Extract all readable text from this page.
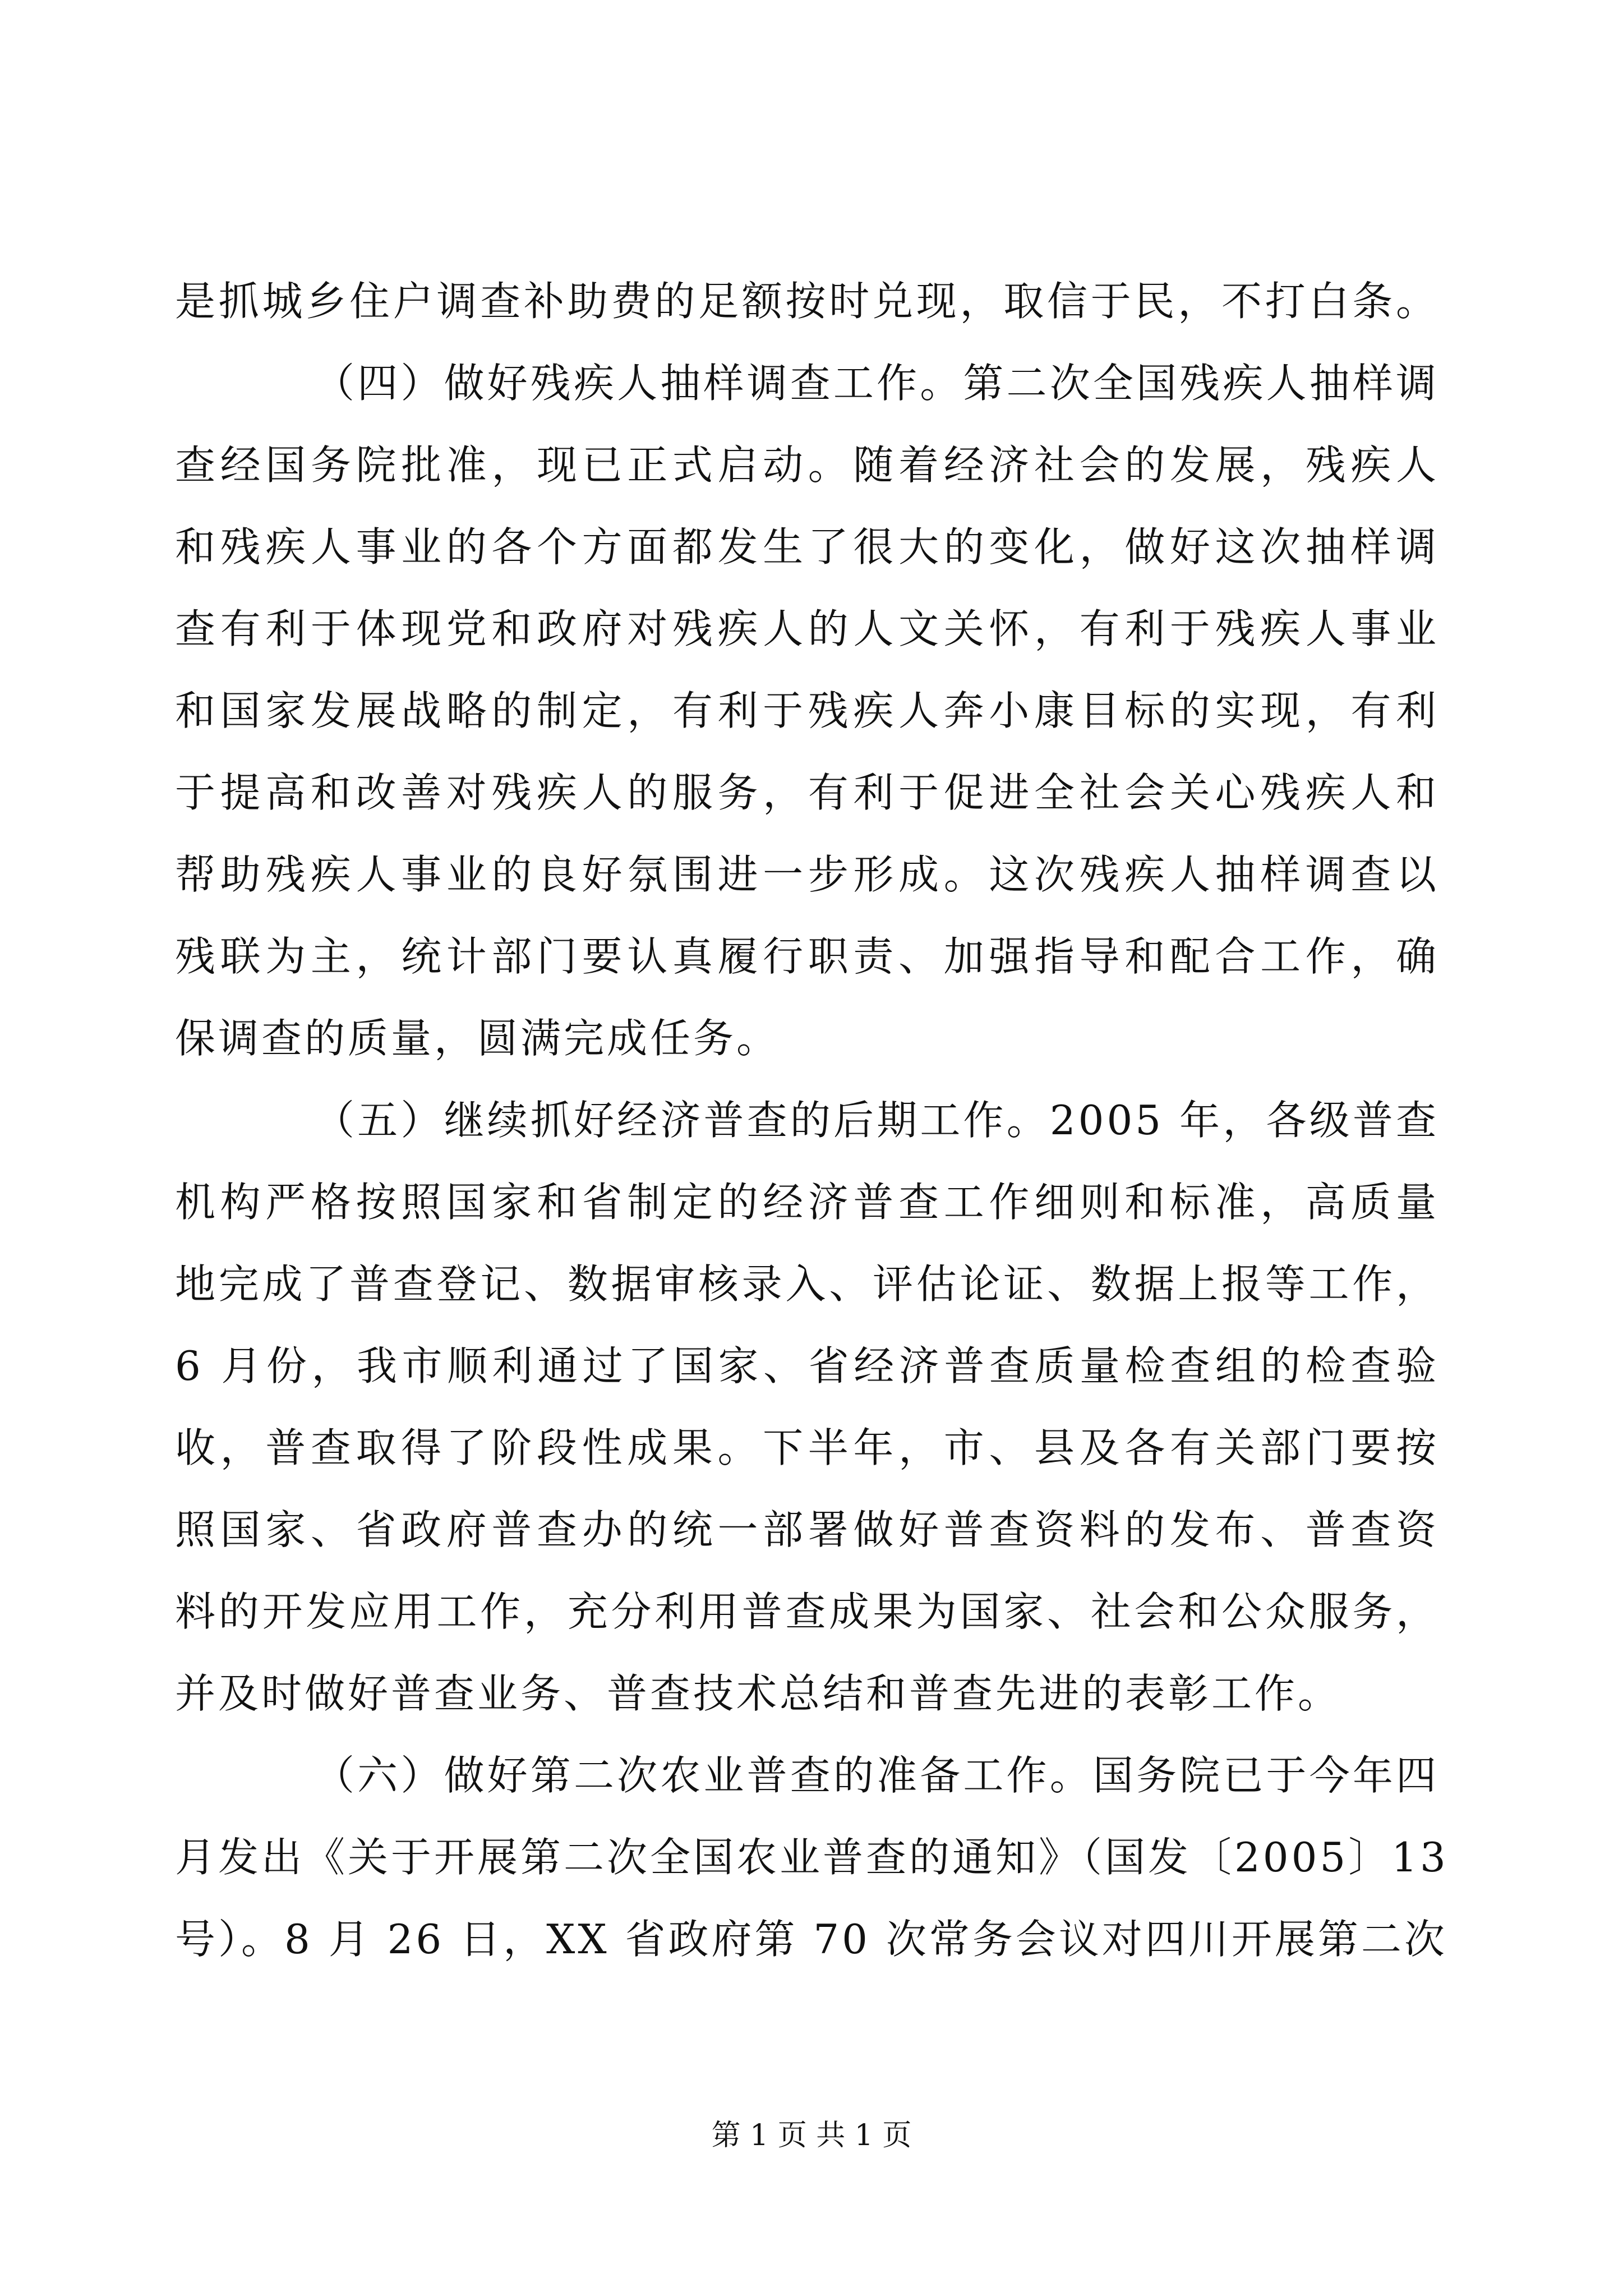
第 1 页 共 1 页
是抓城乡住户调查补助费的足额按时兑现，取信于民，不打白条。
（四）做好残疾人抽样调查工作。第二次全国残疾人抽样调
查经国务院批准，现已正式启动。随着经济社会的发展，残疾人
和残疾人事业的各个方面都发生了很大的变化，做好这次抽样调
查有利于体现党和政府对残疾人的人文关怀，有利于残疾人事业
和国家发展战略的制定，有利于残疾人奔小康目标的实现，有利
于提高和改善对残疾人的服务，有利于促进全社会关心残疾人和
帮助残疾人事业的良好氛围进一步形成。这次残疾人抽样调查以
残联为主，统计部门要认真履行职责、加强指导和配合工作，确
保调查的质量，圆满完成任务。
（五）继续抓好经济普查的后期工作。2005 年，各级普查
机构严格按照国家和省制定的经济普查工作细则和标准，高质量
地完成了普查登记、数据审核录入、评估论证、数据上报等工作，
6 月份，我市顺利通过了国家、省经济普查质量检查组的检查验
收，普查取得了阶段性成果。下半年，市、县及各有关部门要按
照国家、省政府普查办的统一部署做好普查资料的发布、普查资
料的开发应用工作，充分利用普查成果为国家、社会和公众服务，
并及时做好普查业务、普查技术总结和普查先进的表彰工作。
（六）做好第二次农业普查的准备工作。国务院已于今年四
月发出《关于开展第二次全国农业普查的通知》（国发〔2005〕13
号）。8 月 26 日，XX 省政府第 70 次常务会议对四川开展第二次
